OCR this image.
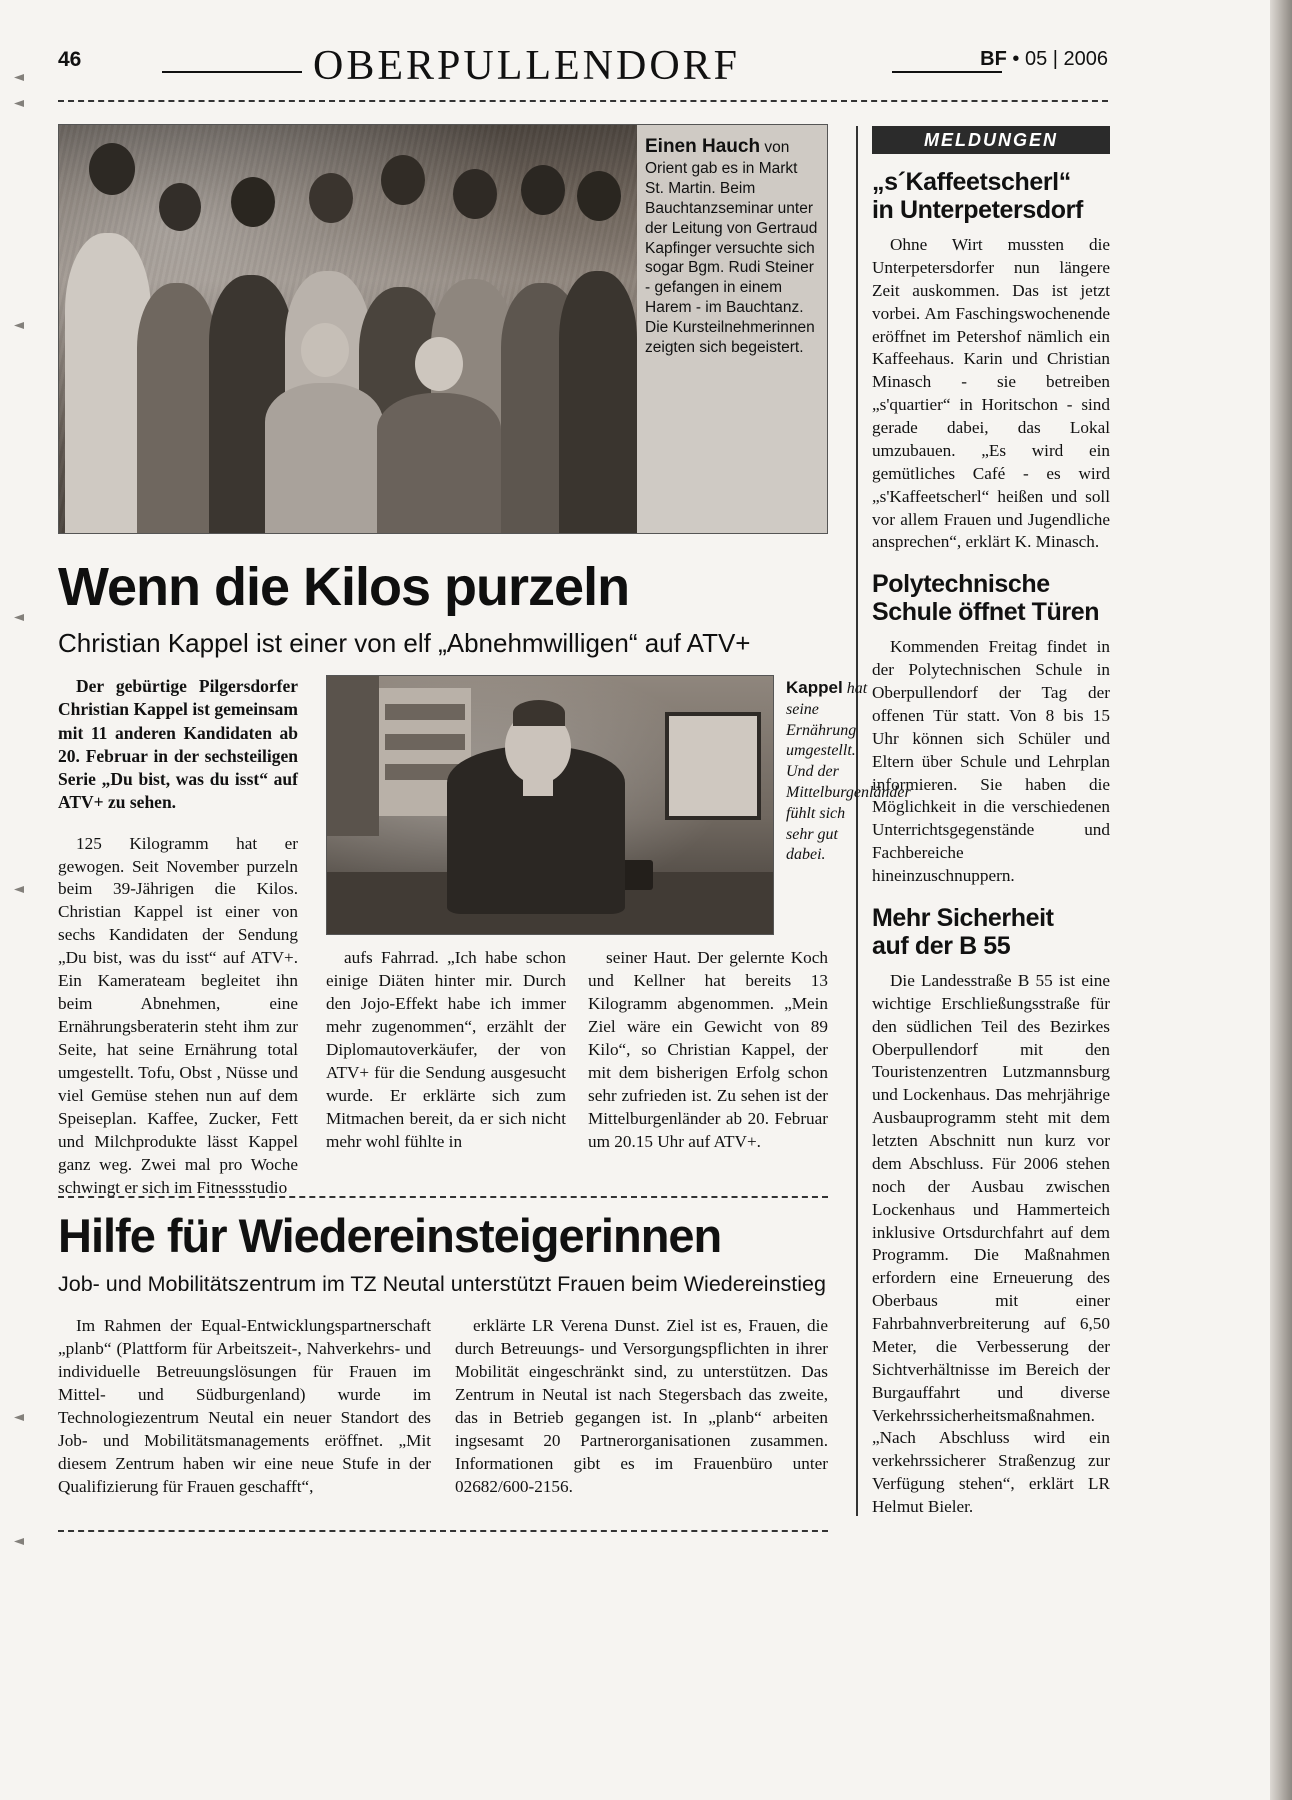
46	OBERPULLENDORF	BF • 05 | 2006
Einen Hauch von Orient gab es in Markt St. Martin. Beim Bauchtanzseminar unter der Leitung von Gertraud Kapfinger versuchte sich sogar Bgm. Rudi Steiner - gefangen in einem Harem - im Bauchtanz. Die Kursteilnehmerinnen zeigten sich begeistert.
Wenn die Kilos purzeln
Christian Kappel ist einer von elf „Abnehmwilligen“ auf ATV+
Der gebürtige Pilgersdorfer Christian Kappel ist gemeinsam mit 11 anderen Kandidaten ab 20. Februar in der sechsteiligen Serie „Du bist, was du isst“ auf ATV+ zu sehen.

125 Kilogramm hat er gewogen. Seit November purzeln beim 39-Jährigen die Kilos. Christian Kappel ist einer von sechs Kandidaten der Sendung „Du bist, was du isst“ auf ATV+. Ein Kamerateam begleitet ihn beim Abnehmen, eine Ernährungsberaterin steht ihm zur Seite, hat seine Ernährung total umgestellt. Tofu, Obst , Nüsse und viel Gemüse stehen nun auf dem Speiseplan. Kaffee, Zucker, Fett und Milchprodukte lässt Kappel ganz weg. Zwei mal pro Woche schwingt er sich im Fitnessstudio

Kappel hat seine Ernährung umgestellt. Und der Mittelburgenländer fühlt sich sehr gut dabei.

aufs Fahrrad. „Ich habe schon einige Diäten hinter mir. Durch den Jojo-Effekt habe ich immer mehr zugenommen“, erzählt der Diplomautoverkäufer, der von ATV+ für die Sendung ausgesucht wurde. Er erklärte sich zum Mitmachen bereit, da er sich nicht mehr wohl fühlte in

seiner Haut. Der gelernte Koch und Kellner hat bereits 13 Kilogramm abgenommen. „Mein Ziel wäre ein Gewicht von 89 Kilo“, so Christian Kappel, der mit dem bisherigen Erfolg schon sehr zufrieden ist. Zu sehen ist der Mittelburgenländer ab 20. Februar um 20.15 Uhr auf ATV+.

Hilfe für Wiedereinsteigerinnen
Job- und Mobilitätszentrum im TZ Neutal unterstützt Frauen beim Wiedereinstieg

Im Rahmen der Equal-Entwicklungspartnerschaft „planb“ (Plattform für Arbeitszeit-, Nahverkehrs- und individuelle Betreuungslösungen für Frauen im Mittel- und Südburgenland) wurde im Technologiezentrum Neutal ein neuer Standort des Job- und Mobilitätsmanagements eröffnet. „Mit diesem Zentrum haben wir eine neue Stufe in der Qualifizierung für Frauen geschafft“,

erklärte LR Verena Dunst. Ziel ist es, Frauen, die durch Betreuungs- und Versorgungspflichten in ihrer Mobilität eingeschränkt sind, zu unterstützen. Das Zentrum in Neutal ist nach Stegersbach das zweite, das in Betrieb gegangen ist. In „planb“ arbeiten ingsesamt 20 Partnerorganisationen zusammen. Informationen gibt es im Frauenbüro unter 02682/600-2156.

MELDUNGEN
„s´Kaffeetscherl“
in Unterpetersdorf

Ohne Wirt mussten die Unterpetersdorfer nun längere Zeit auskommen. Das ist jetzt vorbei. Am Faschingswochenende eröffnet im Petershof nämlich ein Kaffeehaus. Karin und Christian Minasch - sie betreiben „s'quartier“ in Horitschon - sind gerade dabei, das Lokal umzubauen. „Es wird ein gemütliches Café - es wird „s'Kaffeetscherl“ heißen und soll vor allem Frauen und Jugendliche ansprechen“, erklärt K. Minasch.

Polytechnische
Schule öffnet Türen

Kommenden Freitag findet in der Polytechnischen Schule in Oberpullendorf der Tag der offenen Tür statt. Von 8 bis 15 Uhr können sich Schüler und Eltern über Schule und Lehrplan informieren. Sie haben die Möglichkeit in die verschiedenen Unterrichtsgegenstände und Fachbereiche hineinzuschnuppern.

Mehr Sicherheit
auf der B 55

Die Landesstraße B 55 ist eine wichtige Erschließungsstraße für den südlichen Teil des Bezirkes Oberpullendorf mit den Touristenzentren Lutzmannsburg und Lockenhaus. Das mehrjährige Ausbauprogramm steht mit dem letzten Abschnitt nun kurz vor dem Abschluss. Für 2006 stehen noch der Ausbau zwischen Lockenhaus und Hammerteich inklusive Ortsdurchfahrt auf dem Programm. Die Maßnahmen erfordern eine Erneuerung des Oberbaus mit einer Fahrbahnverbreiterung auf 6,50 Meter, die Verbesserung der Sichtverhältnisse im Bereich der Burgauffahrt und diverse Verkehrssicherheitsmaßnahmen. „Nach Abschluss wird ein verkehrssicherer Straßenzug zur Verfügung stehen“, erklärt LR Helmut Bieler.
